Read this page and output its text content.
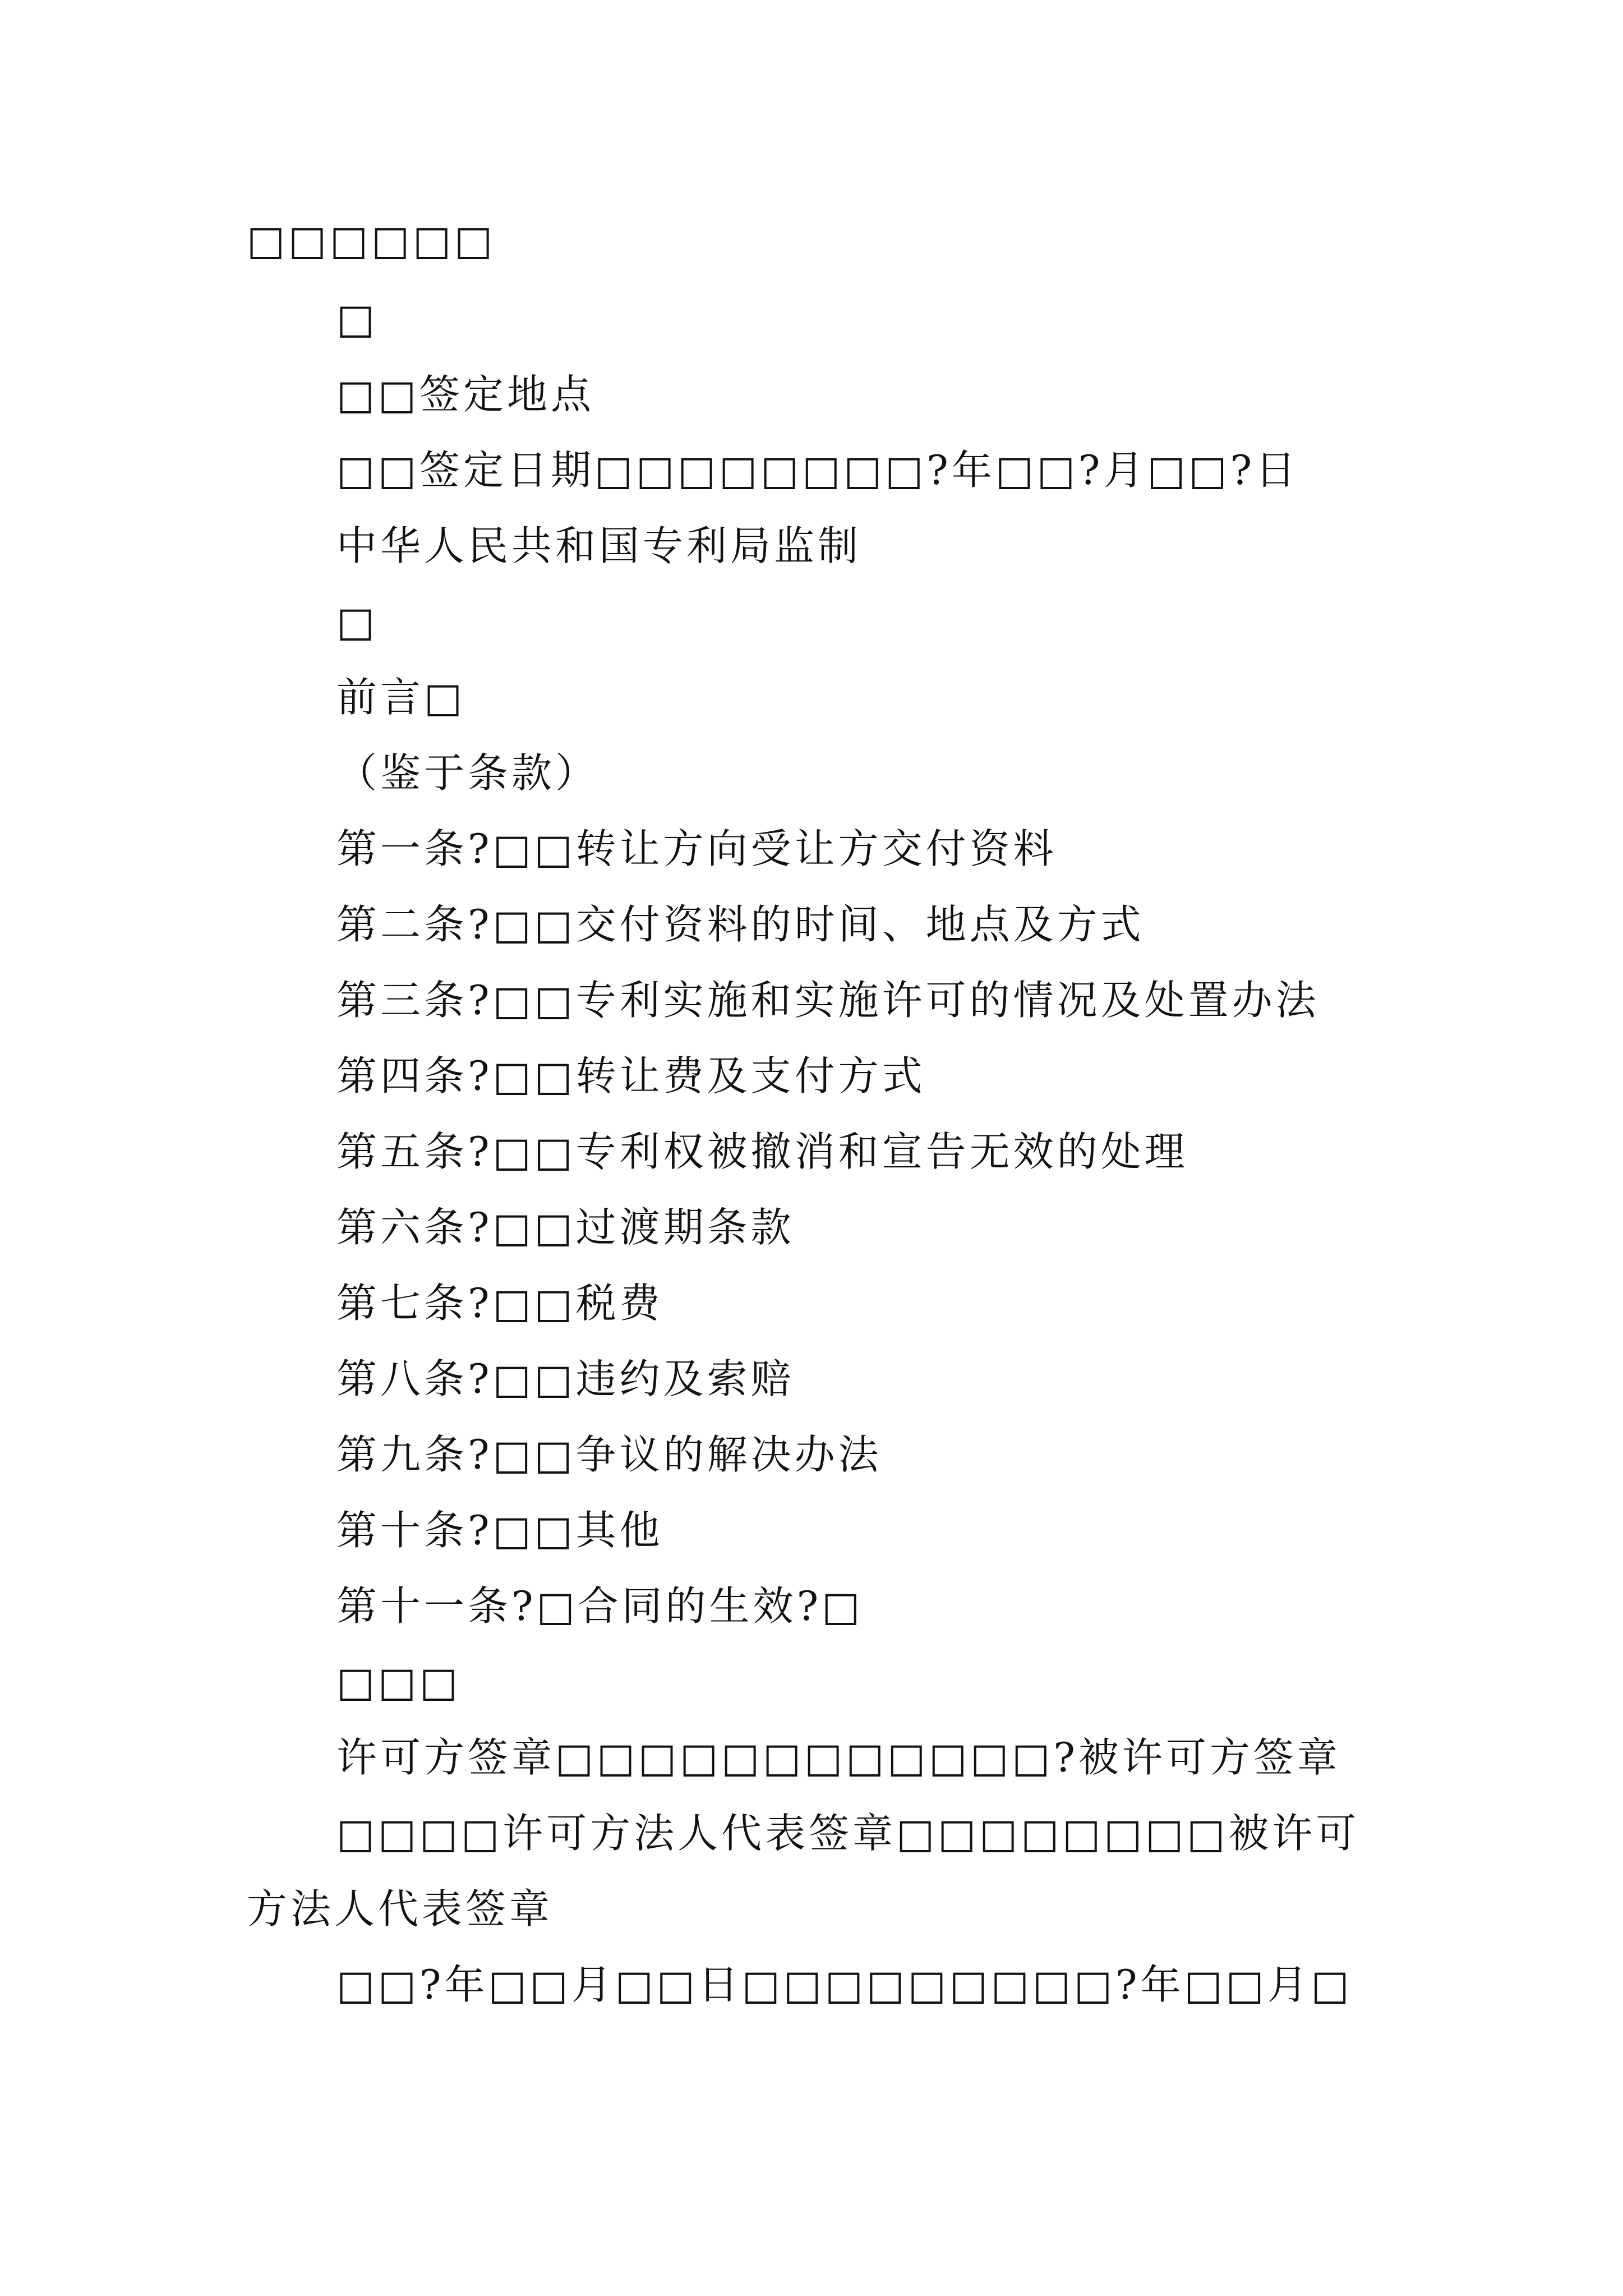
□□□□□□
□
□□签定地点
□□签定日期□□□□□□□□?年□□?月□□?日
中华人民共和国专利局监制
□
前言□
（鉴于条款）
第一条?□□转让方向受让方交付资料
第二条?□□交付资料的时间、地点及方式
第三条?□□专利实施和实施许可的情况及处置办法
第四条?□□转让费及支付方式
第五条?□□专利权被撤消和宣告无效的处理
第六条?□□过渡期条款
第七条?□□税费
第八条?□□违约及索赔
第九条?□□争议的解决办法
第十条?□□其他
第十一条?□合同的生效?□
□□□
许可方签章□□□□□□□□□□□□?被许可方签章
□□□□许可方法人代表签章□□□□□□□□被许可
方法人代表签章
□□?年□□月□□日□□□□□□□□□?年□□月□
